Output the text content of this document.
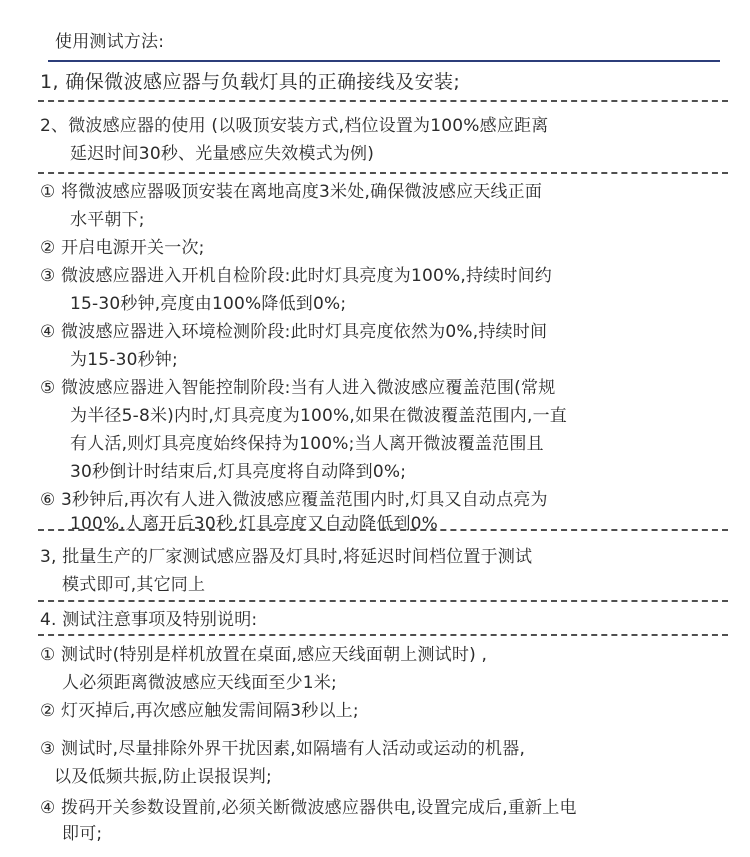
使用测试方法:
1, 确保微波感应器与负载灯具的正确接线及安装;
2、微波感应器的使用 (以吸顶安装方式,档位设置为100%感应距离
延迟时间30秒、光量感应失效模式为例)
① 将微波感应器吸顶安装在离地高度3米处,确保微波感应天线正面
水平朝下;
② 开启电源开关一次;
③ 微波感应器进入开机自检阶段:此时灯具亮度为100%,持续时间约
15-30秒钟,亮度由100%降低到0%;
④ 微波感应器进入环境检测阶段:此时灯具亮度依然为0%,持续时间
为15-30秒钟;
⑤ 微波感应器进入智能控制阶段:当有人进入微波感应覆盖范围(常规
为半径5-8米)内时,灯具亮度为100%,如果在微波覆盖范围内,一直
有人活,则灯具亮度始终保持为100%;当人离开微波覆盖范围且
30秒倒计时结束后,灯具亮度将自动降到0%;
⑥ 3秒钟后,再次有人进入微波感应覆盖范围内时,灯具又自动点亮为
100%,人离开后30秒,灯具亮度又自动降低到0%
3, 批量生产的厂家测试感应器及灯具时,将延迟时间档位置于测试
模式即可,其它同上
4. 测试注意事项及特别说明:
① 测试时(特别是样机放置在桌面,感应天线面朝上测试时) ,
人必须距离微波感应天线面至少1米;
② 灯灭掉后,再次感应触发需间隔3秒以上;
③ 测试时,尽量排除外界干扰因素,如隔墙有人活动或运动的机器,
以及低频共振,防止误报误判;
④ 拨码开关参数设置前,必须关断微波感应器供电,设置完成后,重新上电
即可;
